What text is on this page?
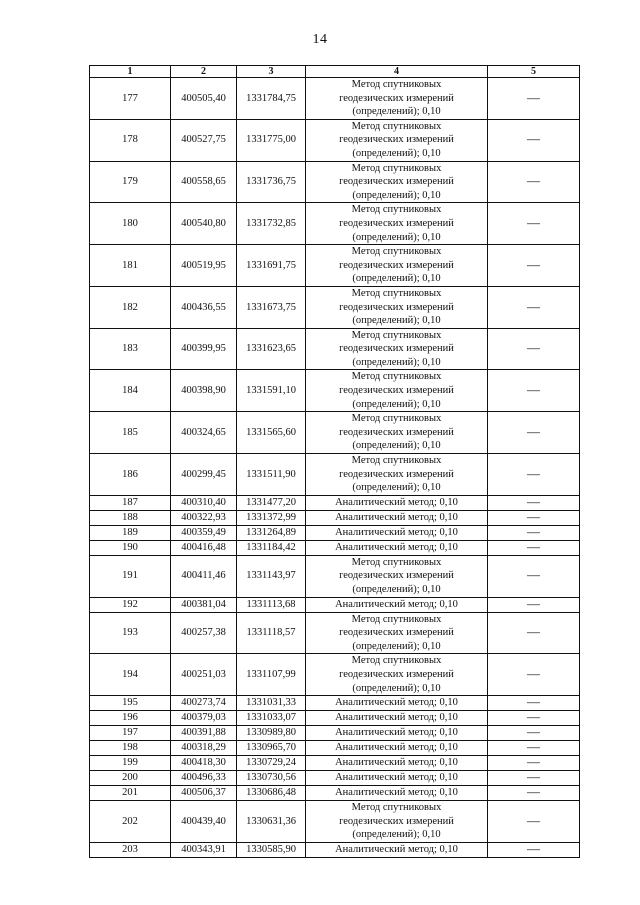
14
1	2	3	4	5
177	400505,40	1331784,75	Метод спутниковых
геодезических измерений
(определений); 0,10	—
178	400527,75	1331775,00	Метод спутниковых
геодезических измерений
(определений); 0,10	—
179	400558,65	1331736,75	Метод спутниковых
геодезических измерений
(определений); 0,10	—
180	400540,80	1331732,85	Метод спутниковых
геодезических измерений
(определений); 0,10	—
181	400519,95	1331691,75	Метод спутниковых
геодезических измерений
(определений); 0,10	—
182	400436,55	1331673,75	Метод спутниковых
геодезических измерений
(определений); 0,10	—
183	400399,95	1331623,65	Метод спутниковых
геодезических измерений
(определений); 0,10	—
184	400398,90	1331591,10	Метод спутниковых
геодезических измерений
(определений); 0,10	—
185	400324,65	1331565,60	Метод спутниковых
геодезических измерений
(определений); 0,10	—
186	400299,45	1331511,90	Метод спутниковых
геодезических измерений
(определений); 0,10	—
187	400310,40	1331477,20	Аналитический метод; 0,10	—
188	400322,93	1331372,99	Аналитический метод; 0,10	—
189	400359,49	1331264,89	Аналитический метод; 0,10	—
190	400416,48	1331184,42	Аналитический метод; 0,10	—
191	400411,46	1331143,97	Метод спутниковых
геодезических измерений
(определений); 0,10	—
192	400381,04	1331113,68	Аналитический метод; 0,10	—
193	400257,38	1331118,57	Метод спутниковых
геодезических измерений
(определений); 0,10	—
194	400251,03	1331107,99	Метод спутниковых
геодезических измерений
(определений); 0,10	—
195	400273,74	1331031,33	Аналитический метод; 0,10	—
196	400379,03	1331033,07	Аналитический метод; 0,10	—
197	400391,88	1330989,80	Аналитический метод; 0,10	—
198	400318,29	1330965,70	Аналитический метод; 0,10	—
199	400418,30	1330729,24	Аналитический метод; 0,10	—
200	400496,33	1330730,56	Аналитический метод; 0,10	—
201	400506,37	1330686,48	Аналитический метод; 0,10	—
202	400439,40	1330631,36	Метод спутниковых
геодезических измерений
(определений); 0,10	—
203	400343,91	1330585,90	Аналитический метод; 0,10	—
